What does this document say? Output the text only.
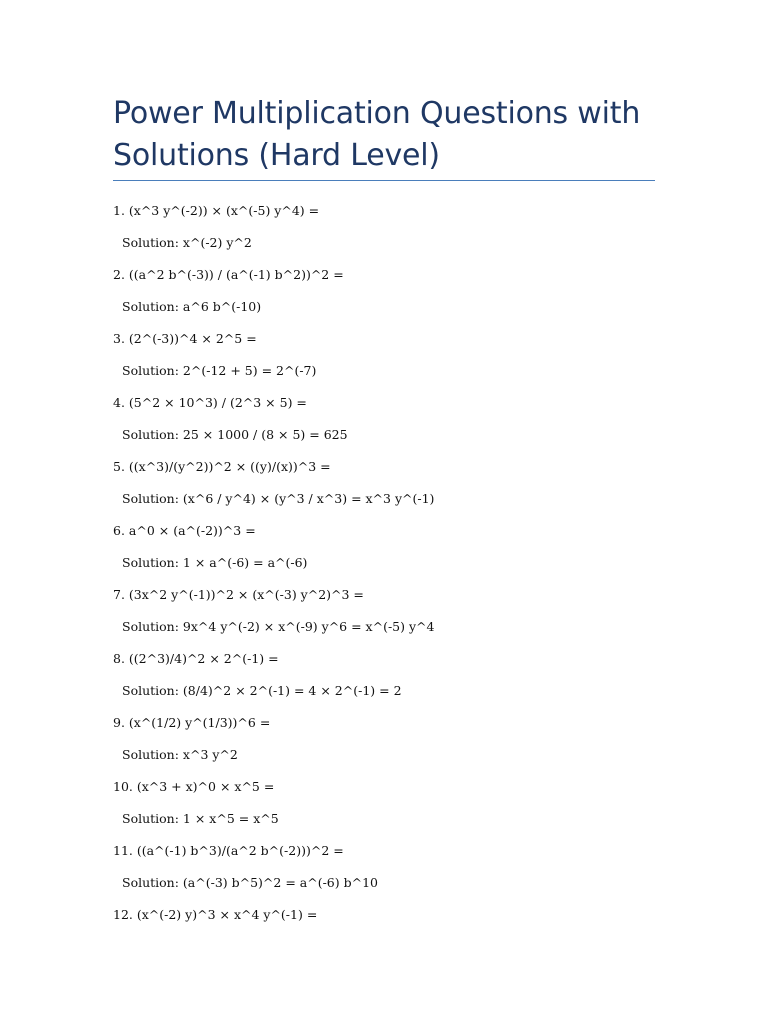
Power Multiplication Questions with Solutions (Hard Level)
1. (x^3 y^(-2)) × (x^(-5) y^4) =
Solution: x^(-2) y^2
2. ((a^2 b^(-3)) / (a^(-1) b^2))^2 =
Solution: a^6 b^(-10)
3. (2^(-3))^4 × 2^5 =
Solution: 2^(-12 + 5) = 2^(-7)
4. (5^2 × 10^3) / (2^3 × 5) =
Solution: 25 × 1000 / (8 × 5) = 625
5. ((x^3)/(y^2))^2 × ((y)/(x))^3 =
Solution: (x^6 / y^4) × (y^3 / x^3) = x^3 y^(-1)
6. a^0 × (a^(-2))^3 =
Solution: 1 × a^(-6) = a^(-6)
7. (3x^2 y^(-1))^2 × (x^(-3) y^2)^3 =
Solution: 9x^4 y^(-2) × x^(-9) y^6 = x^(-5) y^4
8. ((2^3)/4)^2 × 2^(-1) =
Solution: (8/4)^2 × 2^(-1) = 4 × 2^(-1) = 2
9. (x^(1/2) y^(1/3))^6 =
Solution: x^3 y^2
10. (x^3 + x)^0 × x^5 =
Solution: 1 × x^5 = x^5
11. ((a^(-1) b^3)/(a^2 b^(-2)))^2 =
Solution: (a^(-3) b^5)^2 = a^(-6) b^10
12. (x^(-2) y)^3 × x^4 y^(-1) =
